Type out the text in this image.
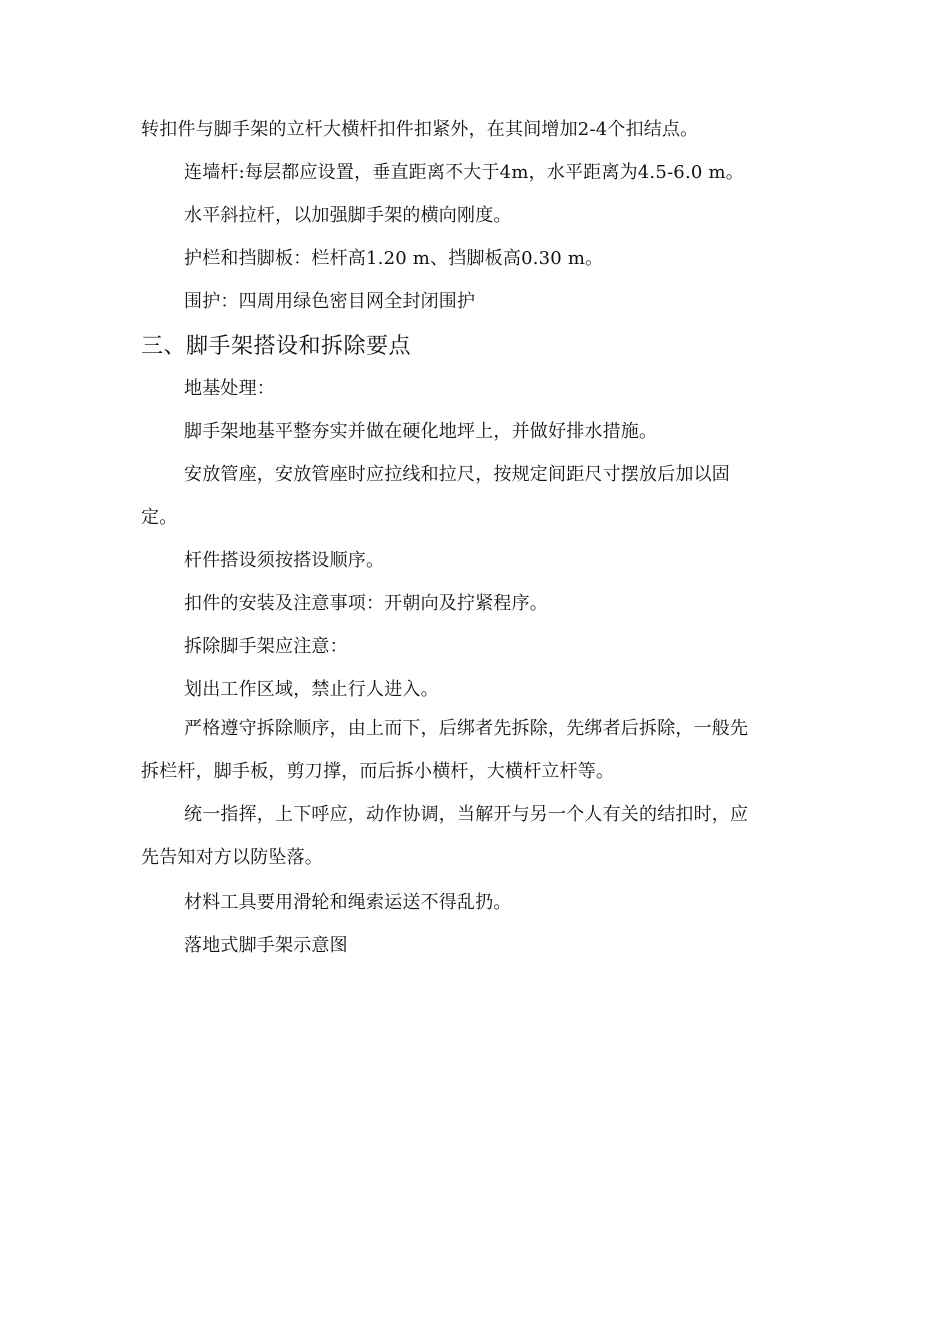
转扣件与脚手架的立杆大横杆扣件扣紧外，在其间增加2-4个扣结点。
连墙杆:每层都应设置，垂直距离不大于4m，水平距离为4.5-6.0 m。
水平斜拉杆，以加强脚手架的横向刚度。
护栏和挡脚板：栏杆高1.20 m、挡脚板高0.30 m。
围护：四周用绿色密目网全封闭围护
三、脚手架搭设和拆除要点
地基处理：
脚手架地基平整夯实并做在硬化地坪上，并做好排水措施。
安放管座，安放管座时应拉线和拉尺，按规定间距尺寸摆放后加以固
定。
杆件搭设须按搭设顺序。
扣件的安装及注意事项：开朝向及拧紧程序。
拆除脚手架应注意：
划出工作区域，禁止行人进入。
严格遵守拆除顺序，由上而下，后绑者先拆除，先绑者后拆除，一般先
拆栏杆，脚手板，剪刀撑，而后拆小横杆，大横杆立杆等。
统一指挥，上下呼应，动作协调，当解开与另一个人有关的结扣时，应
先告知对方以防坠落。
材料工具要用滑轮和绳索运送不得乱扔。
落地式脚手架示意图
